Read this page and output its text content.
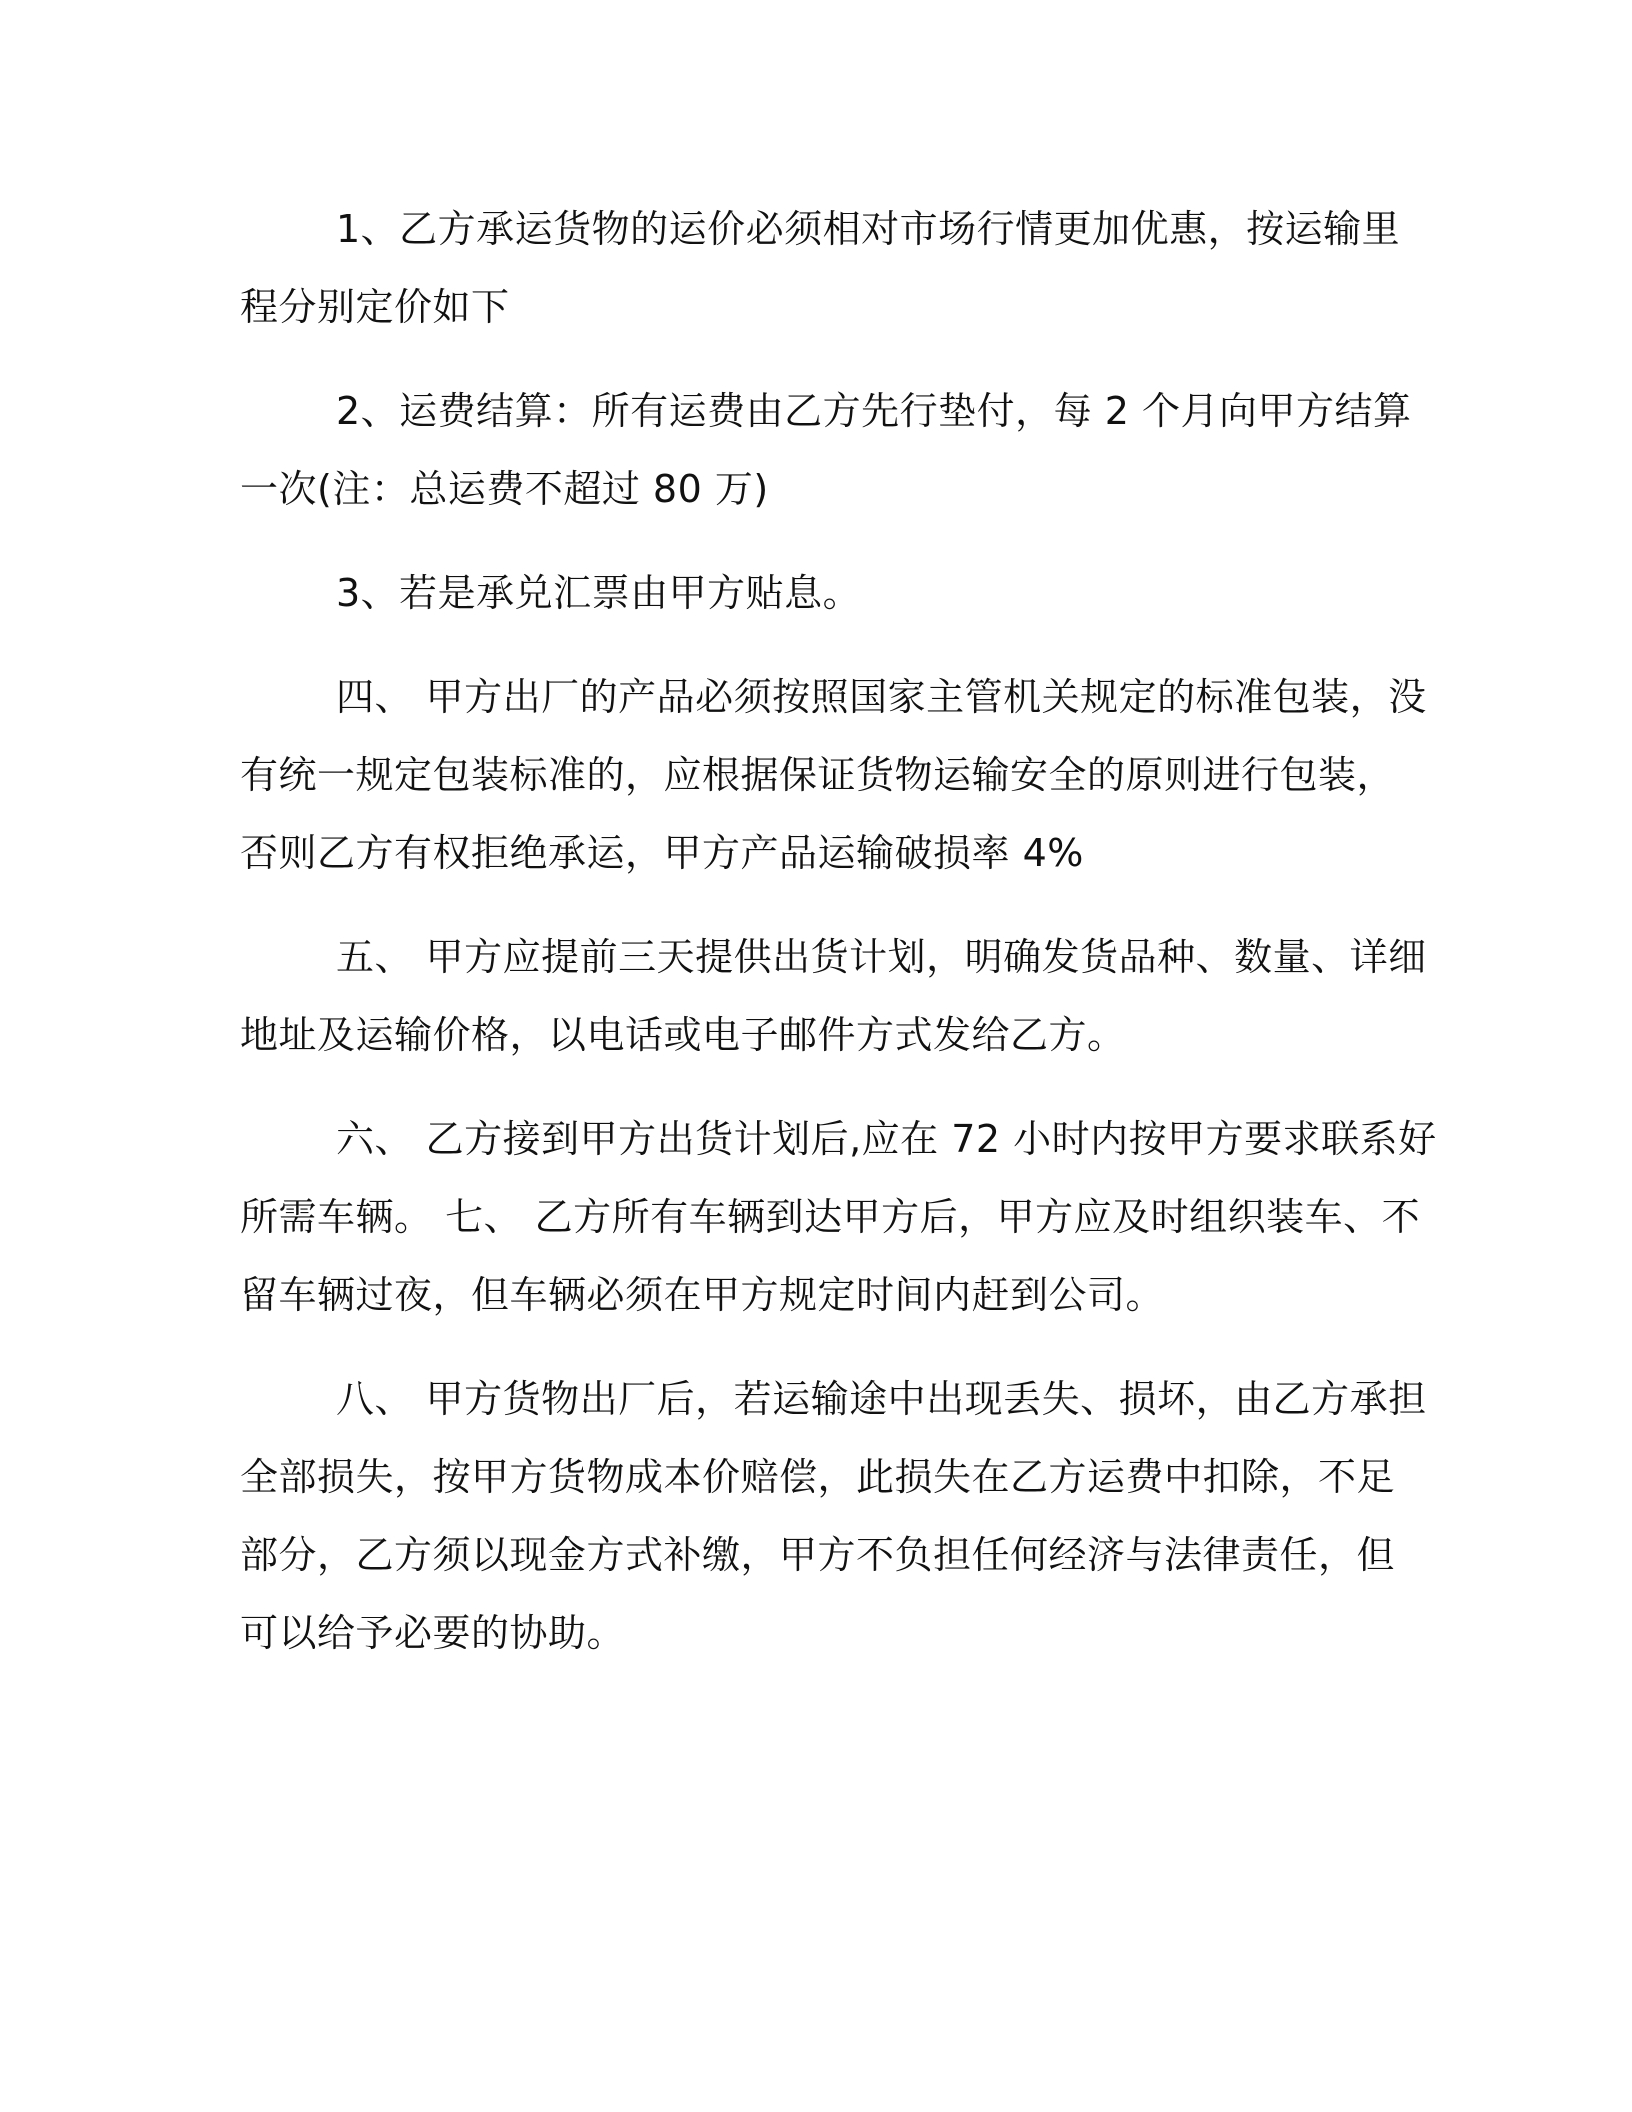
1、乙方承运货物的运价必须相对市场行情更加优惠，按运输里
程分别定价如下

2、运费结算：所有运费由乙方先行垫付，每 2 个月向甲方结算
一次(注：总运费不超过 80 万)

3、若是承兑汇票由甲方贴息。

四、 甲方出厂的产品必须按照国家主管机关规定的标准包装，没
有统一规定包装标准的，应根据保证货物运输安全的原则进行包装，
否则乙方有权拒绝承运，甲方产品运输破损率 4%

五、 甲方应提前三天提供出货计划，明确发货品种、数量、详细
地址及运输价格，以电话或电子邮件方式发给乙方。

六、 乙方接到甲方出货计划后,应在 72 小时内按甲方要求联系好
所需车辆。 七、 乙方所有车辆到达甲方后，甲方应及时组织装车、不
留车辆过夜，但车辆必须在甲方规定时间内赶到公司。

八、 甲方货物出厂后，若运输途中出现丢失、损坏，由乙方承担
全部损失，按甲方货物成本价赔偿，此损失在乙方运费中扣除，不足
部分，乙方须以现金方式补缴，甲方不负担任何经济与法律责任，但
可以给予必要的协助。
